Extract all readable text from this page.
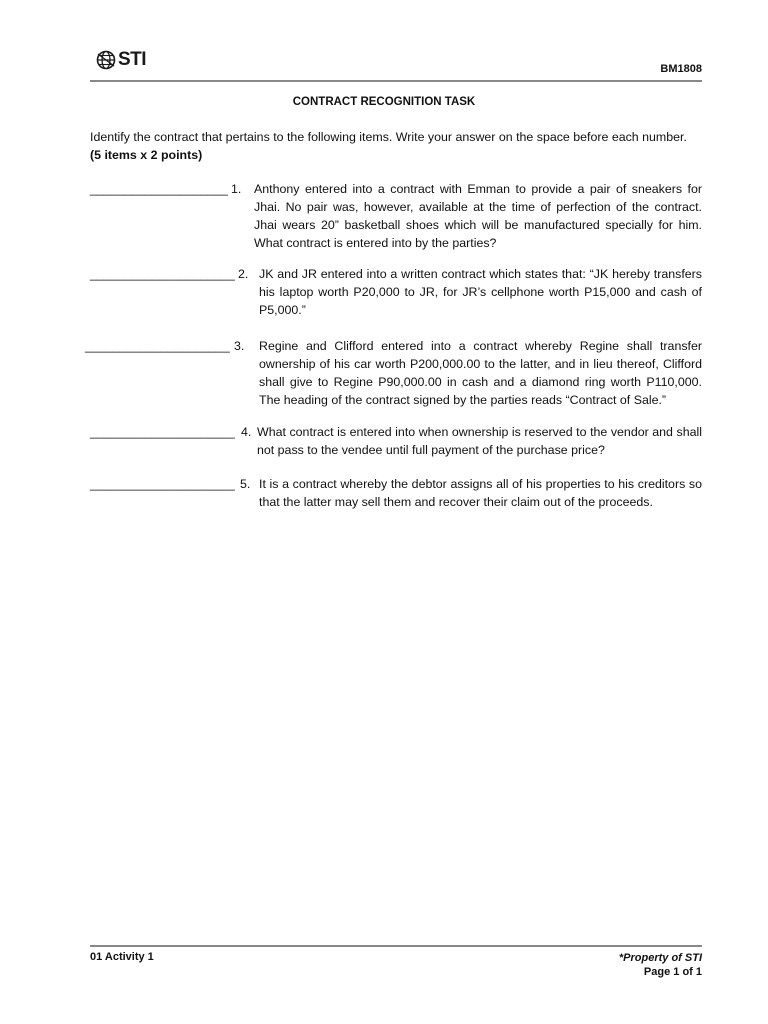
STI	BM1808
CONTRACT RECOGNITION TASK
Identify the contract that pertains to the following items. Write your answer on the space before each number.
(5 items x 2 points)
____________________ 1. Anthony entered into a contract with Emman to provide a pair of sneakers for Jhai. No pair was, however, available at the time of perfection of the contract. Jhai wears 20” basketball shoes which will be manufactured specially for him. What contract is entered into by the parties?
_____________________ 2. JK and JR entered into a written contract which states that: “JK hereby transfers his laptop worth P20,000 to JR, for JR’s cellphone worth P15,000 and cash of P5,000.”
_____________________ 3. Regine and Clifford entered into a contract whereby Regine shall transfer ownership of his car worth P200,000.00 to the latter, and in lieu thereof, Clifford shall give to Regine P90,000.00 in cash and a diamond ring worth P110,000. The heading of the contract signed by the parties reads “Contract of Sale.”
_____________________ 4. What contract is entered into when ownership is reserved to the vendor and shall not pass to the vendee until full payment of the purchase price?
_____________________ 5. It is a contract whereby the debtor assigns all of his properties to his creditors so that the latter may sell them and recover their claim out of the proceeds.
01 Activity 1	*Property of STI
Page 1 of 1
